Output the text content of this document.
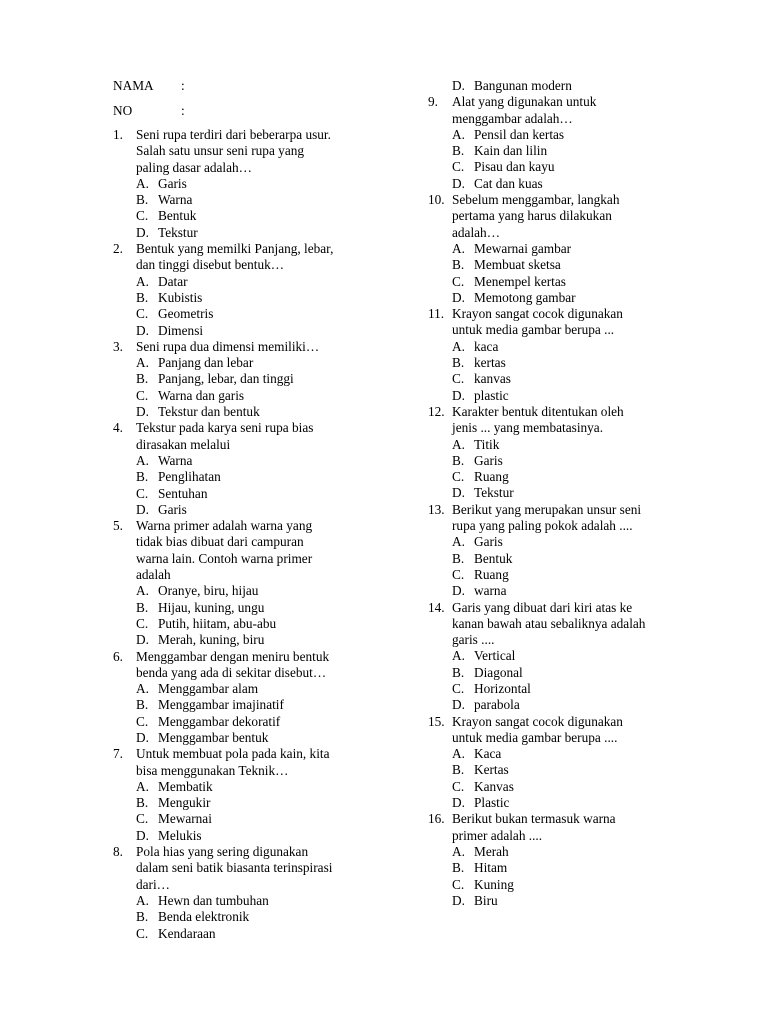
NAMA :
NO	:
1. Seni rupa terdiri dari beberarpa usur.
Salah satu unsur seni rupa yang
paling dasar adalah…
A. Garis
B. Warna
C. Bentuk
D. Tekstur
2. Bentuk yang memilki Panjang, lebar,
dan tinggi disebut bentuk…
A. Datar
B. Kubistis
C. Geometris
D. Dimensi
3. Seni rupa dua dimensi memiliki…
A. Panjang dan lebar
B. Panjang, lebar, dan tinggi
C. Warna dan garis
D. Tekstur dan bentuk
4. Tekstur pada karya seni rupa bias
dirasakan melalui
A. Warna
B. Penglihatan
C. Sentuhan
D. Garis
5. Warna primer adalah warna yang
tidak bias dibuat dari campuran
warna lain. Contoh warna primer
adalah
A. Oranye, biru, hijau
B. Hijau, kuning, ungu
C. Putih, hiitam, abu-abu
D. Merah, kuning, biru
6. Menggambar dengan meniru bentuk
benda yang ada di sekitar disebut…
A. Menggambar alam
B. Menggambar imajinatif
C. Menggambar dekoratif
D. Menggambar bentuk
7. Untuk membuat pola pada kain, kita
bisa menggunakan Teknik…
A. Membatik
B. Mengukir
C. Mewarnai
D. Melukis
8. Pola hias yang sering digunakan
dalam seni batik biasanta terinspirasi
dari…
A. Hewn dan tumbuhan
B. Benda elektronik
C. Kendaraan
D. Bangunan modern
9. Alat yang digunakan untuk
menggambar adalah…
A. Pensil dan kertas
B. Kain dan lilin
C. Pisau dan kayu
D. Cat dan kuas
10. Sebelum menggambar, langkah
pertama yang harus dilakukan
adalah…
A. Mewarnai gambar
B. Membuat sketsa
C. Menempel kertas
D. Memotong gambar
11. Krayon sangat cocok digunakan
untuk media gambar berupa ...
A. kaca
B. kertas
C. kanvas
D. plastic
12. Karakter bentuk ditentukan oleh
jenis ... yang membatasinya.
A. Titik
B. Garis
C. Ruang
D. Tekstur
13. Berikut yang merupakan unsur seni
rupa yang paling pokok adalah ....
A. Garis
B. Bentuk
C. Ruang
D. warna
14. Garis yang dibuat dari kiri atas ke
kanan bawah atau sebaliknya adalah
garis ....
A. Vertical
B. Diagonal
C. Horizontal
D. parabola
15. Krayon sangat cocok digunakan
untuk media gambar berupa ....
A. Kaca
B. Kertas
C. Kanvas
D. Plastic
16. Berikut bukan termasuk warna
primer adalah ....
A. Merah
B. Hitam
C. Kuning
D. Biru
